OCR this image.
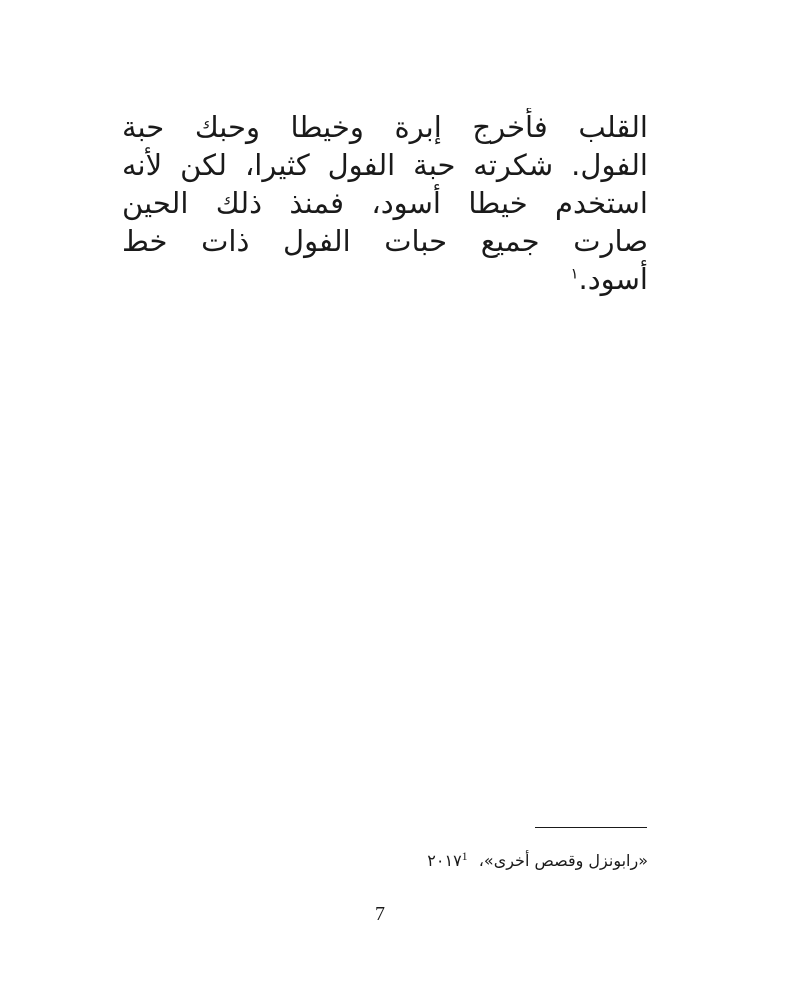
القلب فأخرج إبرة وخيطا وحبك حبة
الفول. شكرته حبة الفول كثيرا، لكن لأنه
استخدم خيطا أسود، فمنذ ذلك الحين
صارت جميع حبات الفول ذات خط
أسود.$^١$
«رابونزل وقصص أخرى»، ٢٠١٧$^1$
7
